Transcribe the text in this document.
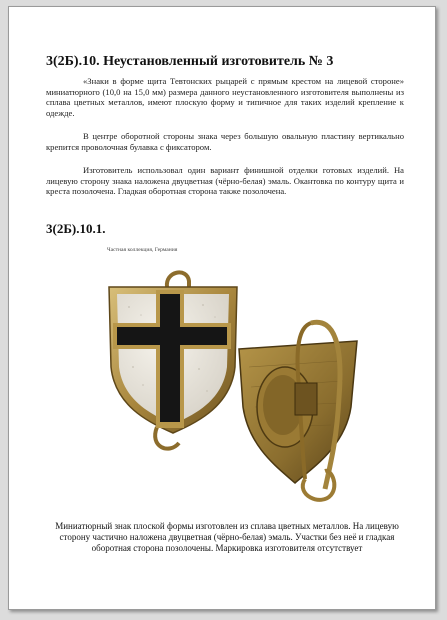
3(2Б).10. Неустановленный изготовитель № 3

«Знаки в форме щита Тевтонских рыцарей с прямым крестом на лицевой стороне» миниатюрного (10,0 на 15,0 мм) размера данного неустановленного изготовителя выполнены из сплава цветных металлов, имеют плоскую форму и типичное для таких изделий крепление к одежде.

В центре оборотной стороны знака через большую овальную пластину вертикально крепится проволочная булавка с фиксатором.

Изготовитель использовал один вариант финишной отделки готовых изделий. На лицевую сторону знака наложена двуцветная (чёрно-белая) эмаль. Окантовка по контуру щита и креста позолочена. Гладкая оборотная сторона также позолочена.

3(2Б).10.1.
Частная коллекция, Германия

Миниатюрный знак плоской формы изготовлен из сплава цветных металлов. На лицевую сторону частично наложена двуцветная (чёрно-белая) эмаль. Участки без неё и гладкая оборотная сторона позолочены. Маркировка изготовителя отсутствует
